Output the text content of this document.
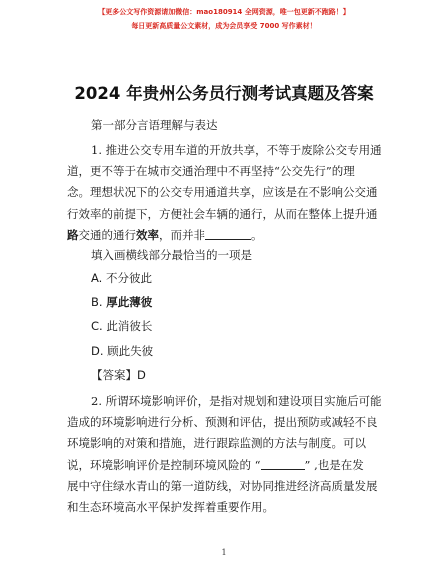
【更多公文写作资源请加微信：mao180914 全网资源，唯一包更新不跑路！】
每日更新高质量公文素材，成为会员享受 7000 写作素材！
2024 年贵州公务员行测考试真题及答案
第一部分言语理解与表达
1. 推进公交专用车道的开放共享，不等于废除公交专用通
道，更不等于在城市交通治理中不再坚持“公交先行”的理
念。理想状况下的公交专用通道共享，应该是在不影响公交通
行效率的前提下，方便社会车辆的通行，从而在整体上提升通
路交通的通行效率，而并非	。
填入画横线部分最恰当的一项是
A. 不分彼此
B. 厚此薄彼
C. 此消彼长
D. 顾此失彼
【答案】D
2. 所谓环境影响评价，是指对规划和建设项目实施后可能
造成的环境影响进行分析、预测和评估，提出预防或减轻不良
环境影响的对策和措施，进行跟踪监测的方法与制度。可以
说，环境影响评价是控制环境风险的 “	” ,也是在发
展中守住绿水青山的第一道防线，对协同推进经济高质量发展
和生态环境高水平保护发挥着重要作用。
1
